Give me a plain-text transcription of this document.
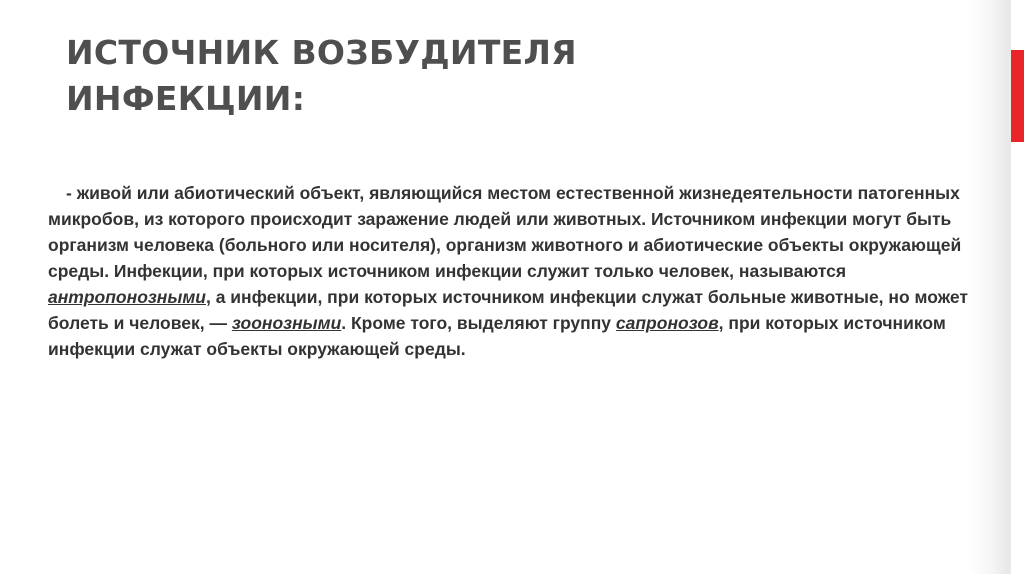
ИСТОЧНИК ВОЗБУДИТЕЛЯ ИНФЕКЦИИ:

- живой или абиотический объект, являющийся местом естественной жизнедеятельности патогенных микробов, из которого происходит заражение людей или животных. Источником инфекции могут быть организм человека (больного или носителя), организм животного и абиотические объекты окружающей среды. Инфекции, при которых источником инфекции служит только человек, называются антропонозными, а инфекции, при которых источником инфекции служат больные животные, но может болеть и человек, — зоонозными. Кроме того, выделяют группу сапронозов, при которых источником инфекции служат объекты окружающей среды.
